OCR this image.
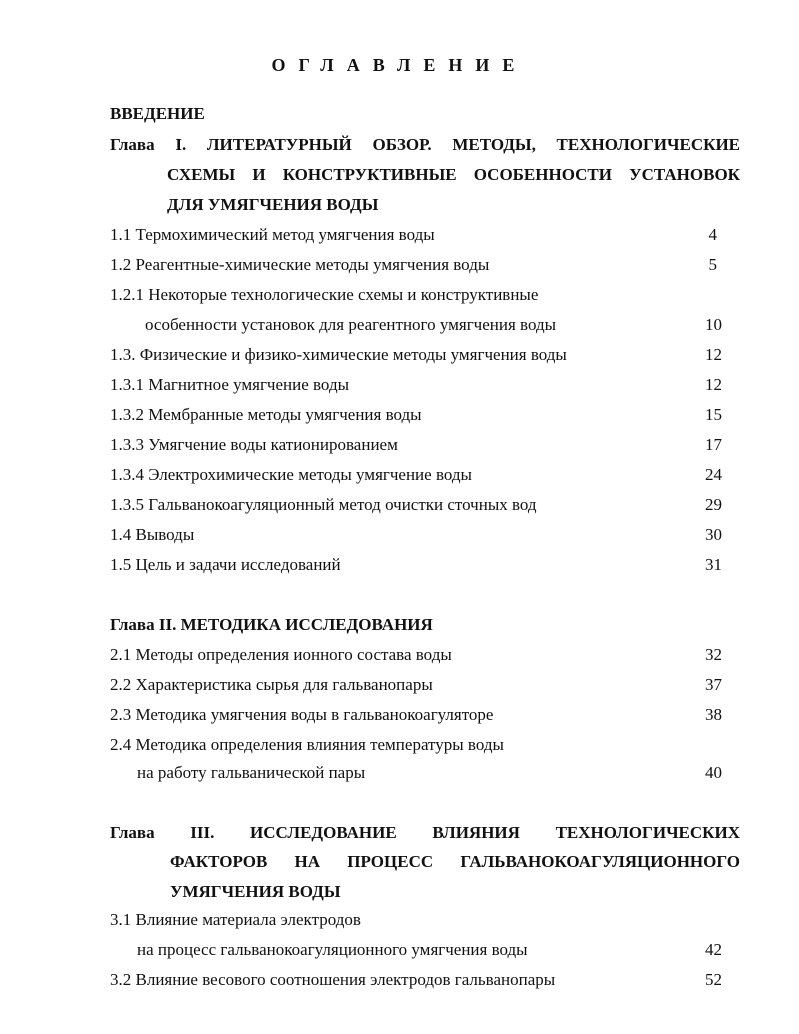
ОГЛАВЛЕНИЕ
ВВЕДЕНИЕ
Глава I. ЛИТЕРАТУРНЫЙ ОБЗОР. МЕТОДЫ, ТЕХНОЛОГИЧЕСКИЕ
СХЕМЫ И КОНСТРУКТИВНЫЕ ОСОБЕННОСТИ УСТАНОВОК
ДЛЯ УМЯГЧЕНИЯ ВОДЫ
1.1 Термохимический метод умягчения воды	4
1.2 Реагентные-химические методы умягчения воды	5
1.2.1 Некоторые технологические схемы и конструктивные
особенности установок для реагентного умягчения воды	10
1.3. Физические и физико-химические методы умягчения воды	12
1.3.1 Магнитное умягчение воды	12
1.3.2 Мембранные методы умягчения воды	15
1.3.3 Умягчение воды катионированием	17
1.3.4 Электрохимические методы умягчение воды	24
1.3.5 Гальванокоагуляционный метод очистки сточных вод	29
1.4 Выводы	30
1.5 Цель и задачи исследований	31
Глава II. МЕТОДИКА ИССЛЕДОВАНИЯ
2.1 Методы определения ионного состава воды	32
2.2 Характеристика сырья для гальванопары	37
2.3 Методика умягчения воды в гальванокоагуляторе	38
2.4 Методика определения влияния температуры воды
на работу гальванической пары	40
Глава III. ИССЛЕДОВАНИЕ ВЛИЯНИЯ ТЕХНОЛОГИЧЕСКИХ
ФАКТОРОВ НА ПРОЦЕСС ГАЛЬВАНОКОАГУЛЯЦИОННОГО
УМЯГЧЕНИЯ ВОДЫ
3.1 Влияние материала электродов
на процесс гальванокоагуляционного умягчения воды	42
3.2 Влияние весового соотношения электродов гальванопары	52
